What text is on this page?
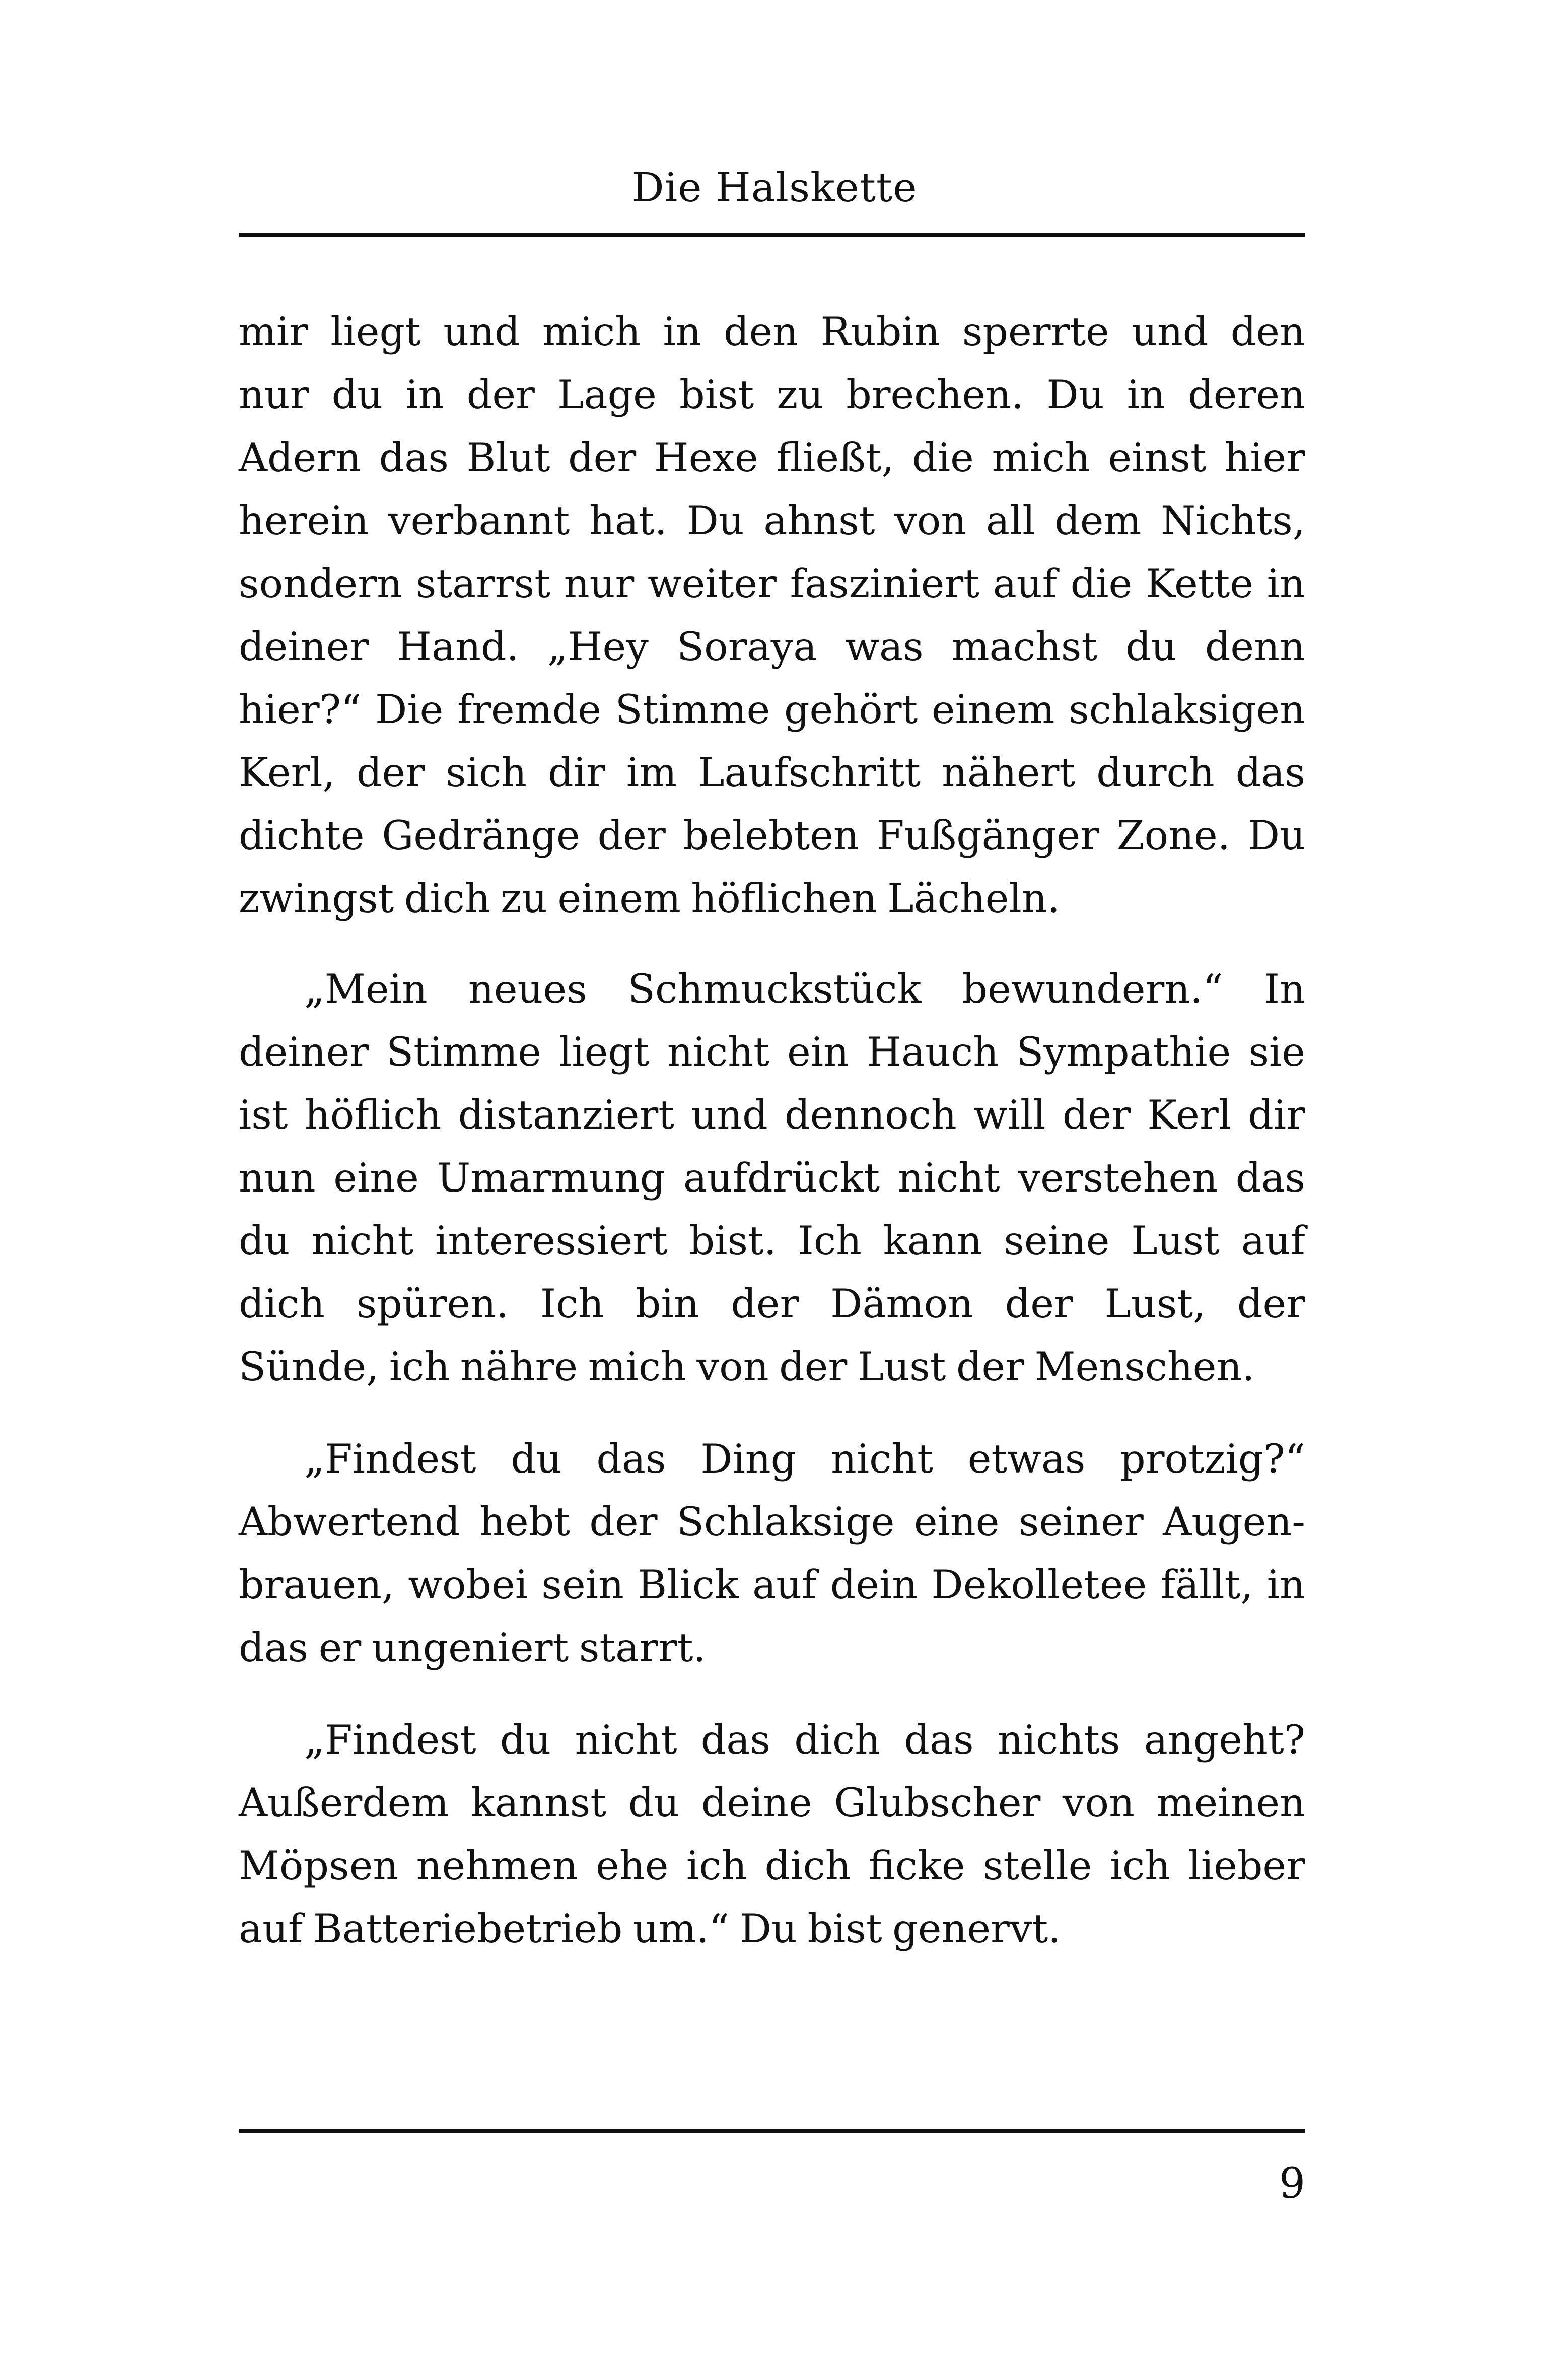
Die Halskette
mir liegt und mich in den Rubin sperrte und den
nur du in der Lage bist zu brechen. Du in deren
Adern das Blut der Hexe fließt, die mich einst hier
herein verbannt hat. Du ahnst von all dem Nichts,
sondern starrst nur weiter fasziniert auf die Kette in
deiner Hand. „Hey Soraya was machst du denn
hier?“ Die fremde Stimme gehört einem schlaksigen
Kerl, der sich dir im Laufschritt nähert durch das
dichte Gedränge der belebten Fußgänger Zone. Du
zwingst dich zu einem höflichen Lächeln.
„Mein neues Schmuckstück bewundern.“ In
deiner Stimme liegt nicht ein Hauch Sympathie sie
ist höflich distanziert und dennoch will der Kerl dir
nun eine Umarmung aufdrückt nicht verstehen das
du nicht interessiert bist. Ich kann seine Lust auf
dich spüren. Ich bin der Dämon der Lust, der
Sünde, ich nähre mich von der Lust der Menschen.
„Findest du das Ding nicht etwas protzig?“
Abwertend hebt der Schlaksige eine seiner Augen-
brauen, wobei sein Blick auf dein Dekolletee fällt, in
das er ungeniert starrt.
„Findest du nicht das dich das nichts angeht?
Außerdem kannst du deine Glubscher von meinen
Möpsen nehmen ehe ich dich ficke stelle ich lieber
auf Batteriebetrieb um.“ Du bist genervt.
9
